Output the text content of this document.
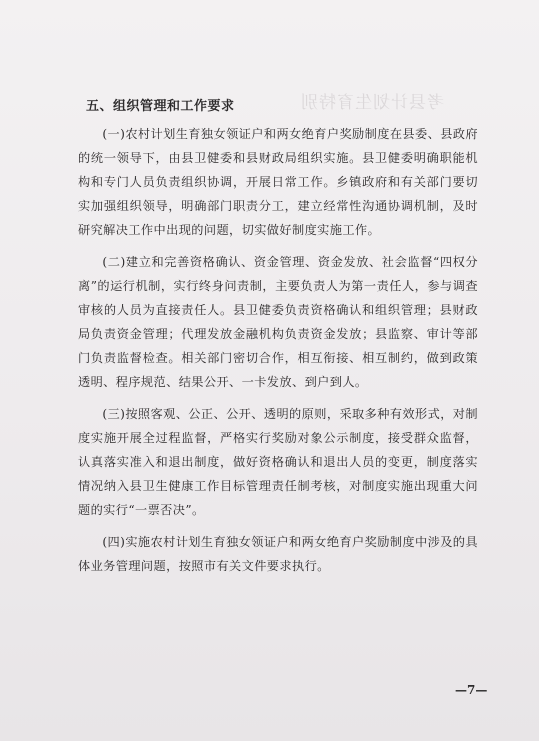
考县计划生育特别
五、组织管理和工作要求

(一)农村计划生育独女领证户和两女绝育户奖励制度在县委、县政府的统一领导下，由县卫健委和县财政局组织实施。县卫健委明确职能机构和专门人员负责组织协调，开展日常工作。乡镇政府和有关部门要切实加强组织领导，明确部门职责分工，建立经常性沟通协调机制，及时研究解决工作中出现的问题，切实做好制度实施工作。

(二)建立和完善资格确认、资金管理、资金发放、社会监督“四权分离”的运行机制，实行终身问责制，主要负责人为第一责任人，参与调查审核的人员为直接责任人。县卫健委负责资格确认和组织管理；县财政局负责资金管理；代理发放金融机构负责资金发放；县监察、审计等部门负责监督检查。相关部门密切合作，相互衔接、相互制约，做到政策透明、程序规范、结果公开、一卡发放、到户到人。

(三)按照客观、公正、公开、透明的原则，采取多种有效形式，对制度实施开展全过程监督，严格实行奖励对象公示制度，接受群众监督，认真落实准入和退出制度，做好资格确认和退出人员的变更，制度落实情况纳入县卫生健康工作目标管理责任制考核，对制度实施出现重大问题的实行“一票否决”。

(四)实施农村计划生育独女领证户和两女绝育户奖励制度中涉及的具体业务管理问题，按照市有关文件要求执行。

—7—
